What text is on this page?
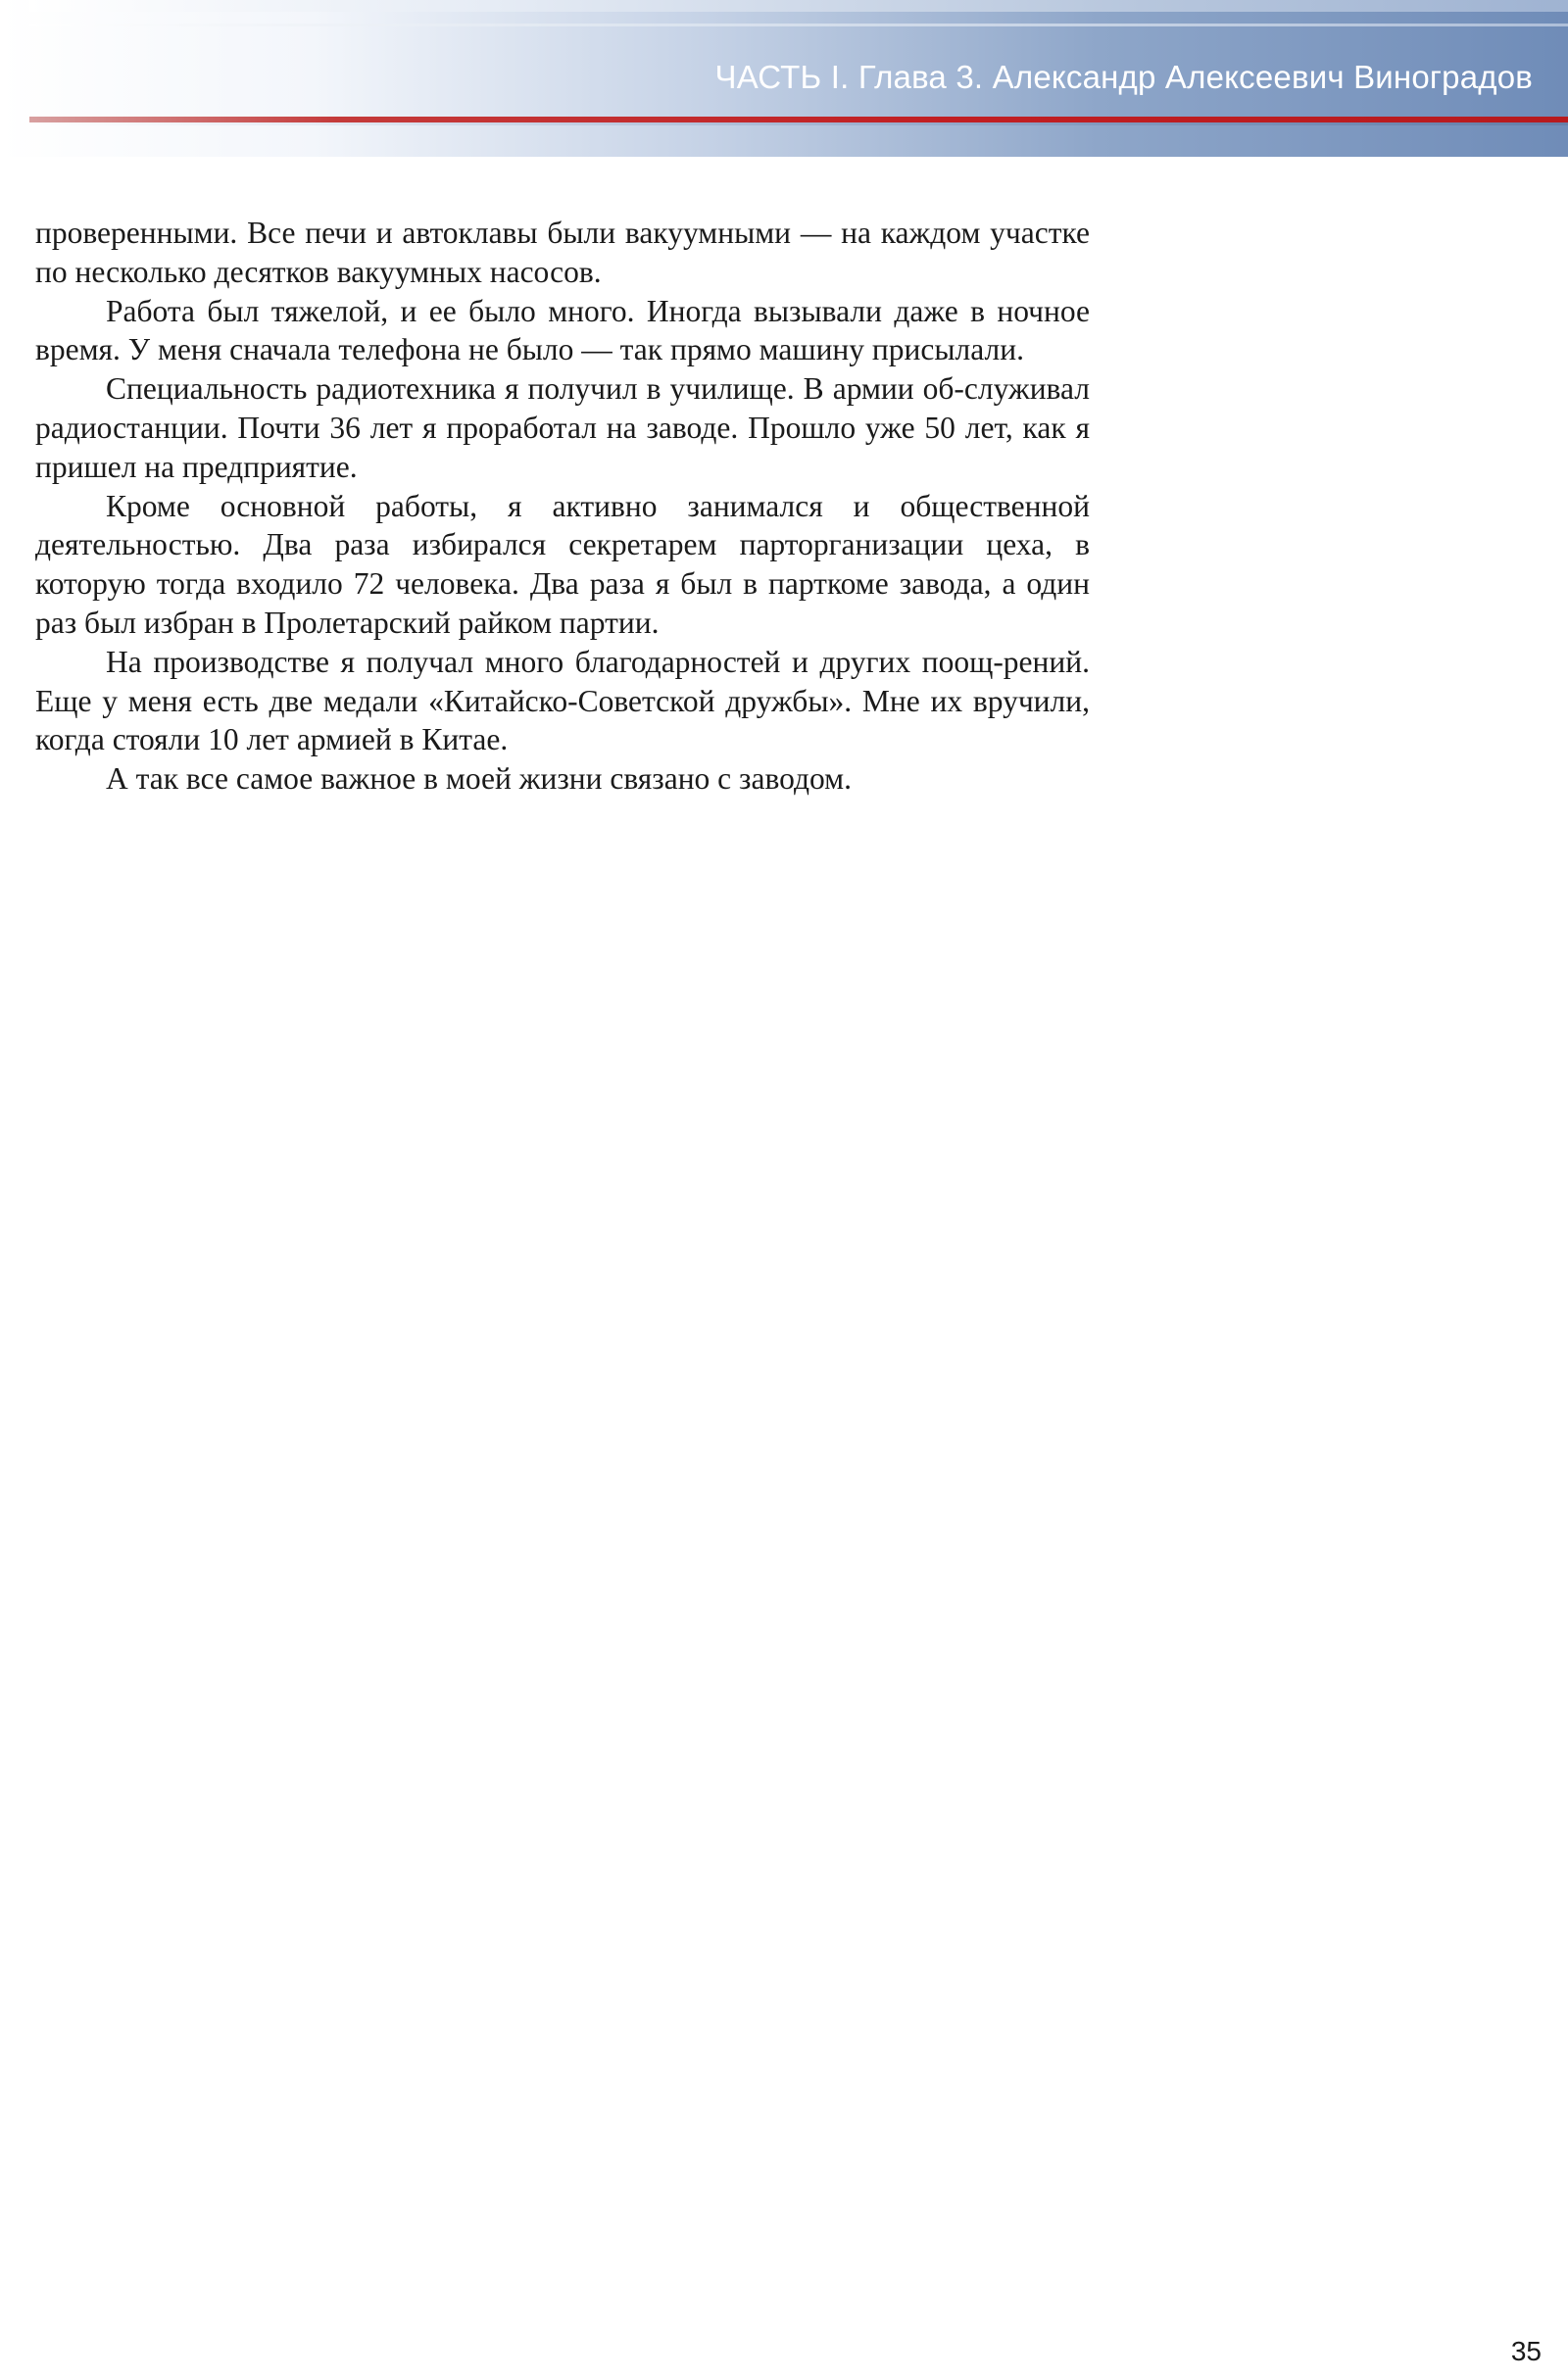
ЧАСТЬ I. Глава 3. Александр Алексеевич Виноградов

проверенными. Все печи и автоклавы были вакуумными — на каждом участке по несколько десятков вакуумных насосов.

Работа был тяжелой, и ее было много. Иногда вызывали даже в ночное время. У меня сначала телефона не было — так прямо машину присылали.

Специальность радиотехника я получил в училище. В армии об-служивал радиостанции. Почти 36 лет я проработал на заводе. Прошло уже 50 лет, как я пришел на предприятие.

Кроме основной работы, я активно занимался и общественной деятельностью. Два раза избирался секретарем парторганизации цеха, в которую тогда входило 72 человека. Два раза я был в парткоме завода, а один раз был избран в Пролетарский райком партии.

На производстве я получал много благодарностей и других поощ-рений. Еще у меня есть две медали «Китайско-Советской дружбы». Мне их вручили, когда стояли 10 лет армией в Китае.

А так все самое важное в моей жизни связано с заводом.

35
